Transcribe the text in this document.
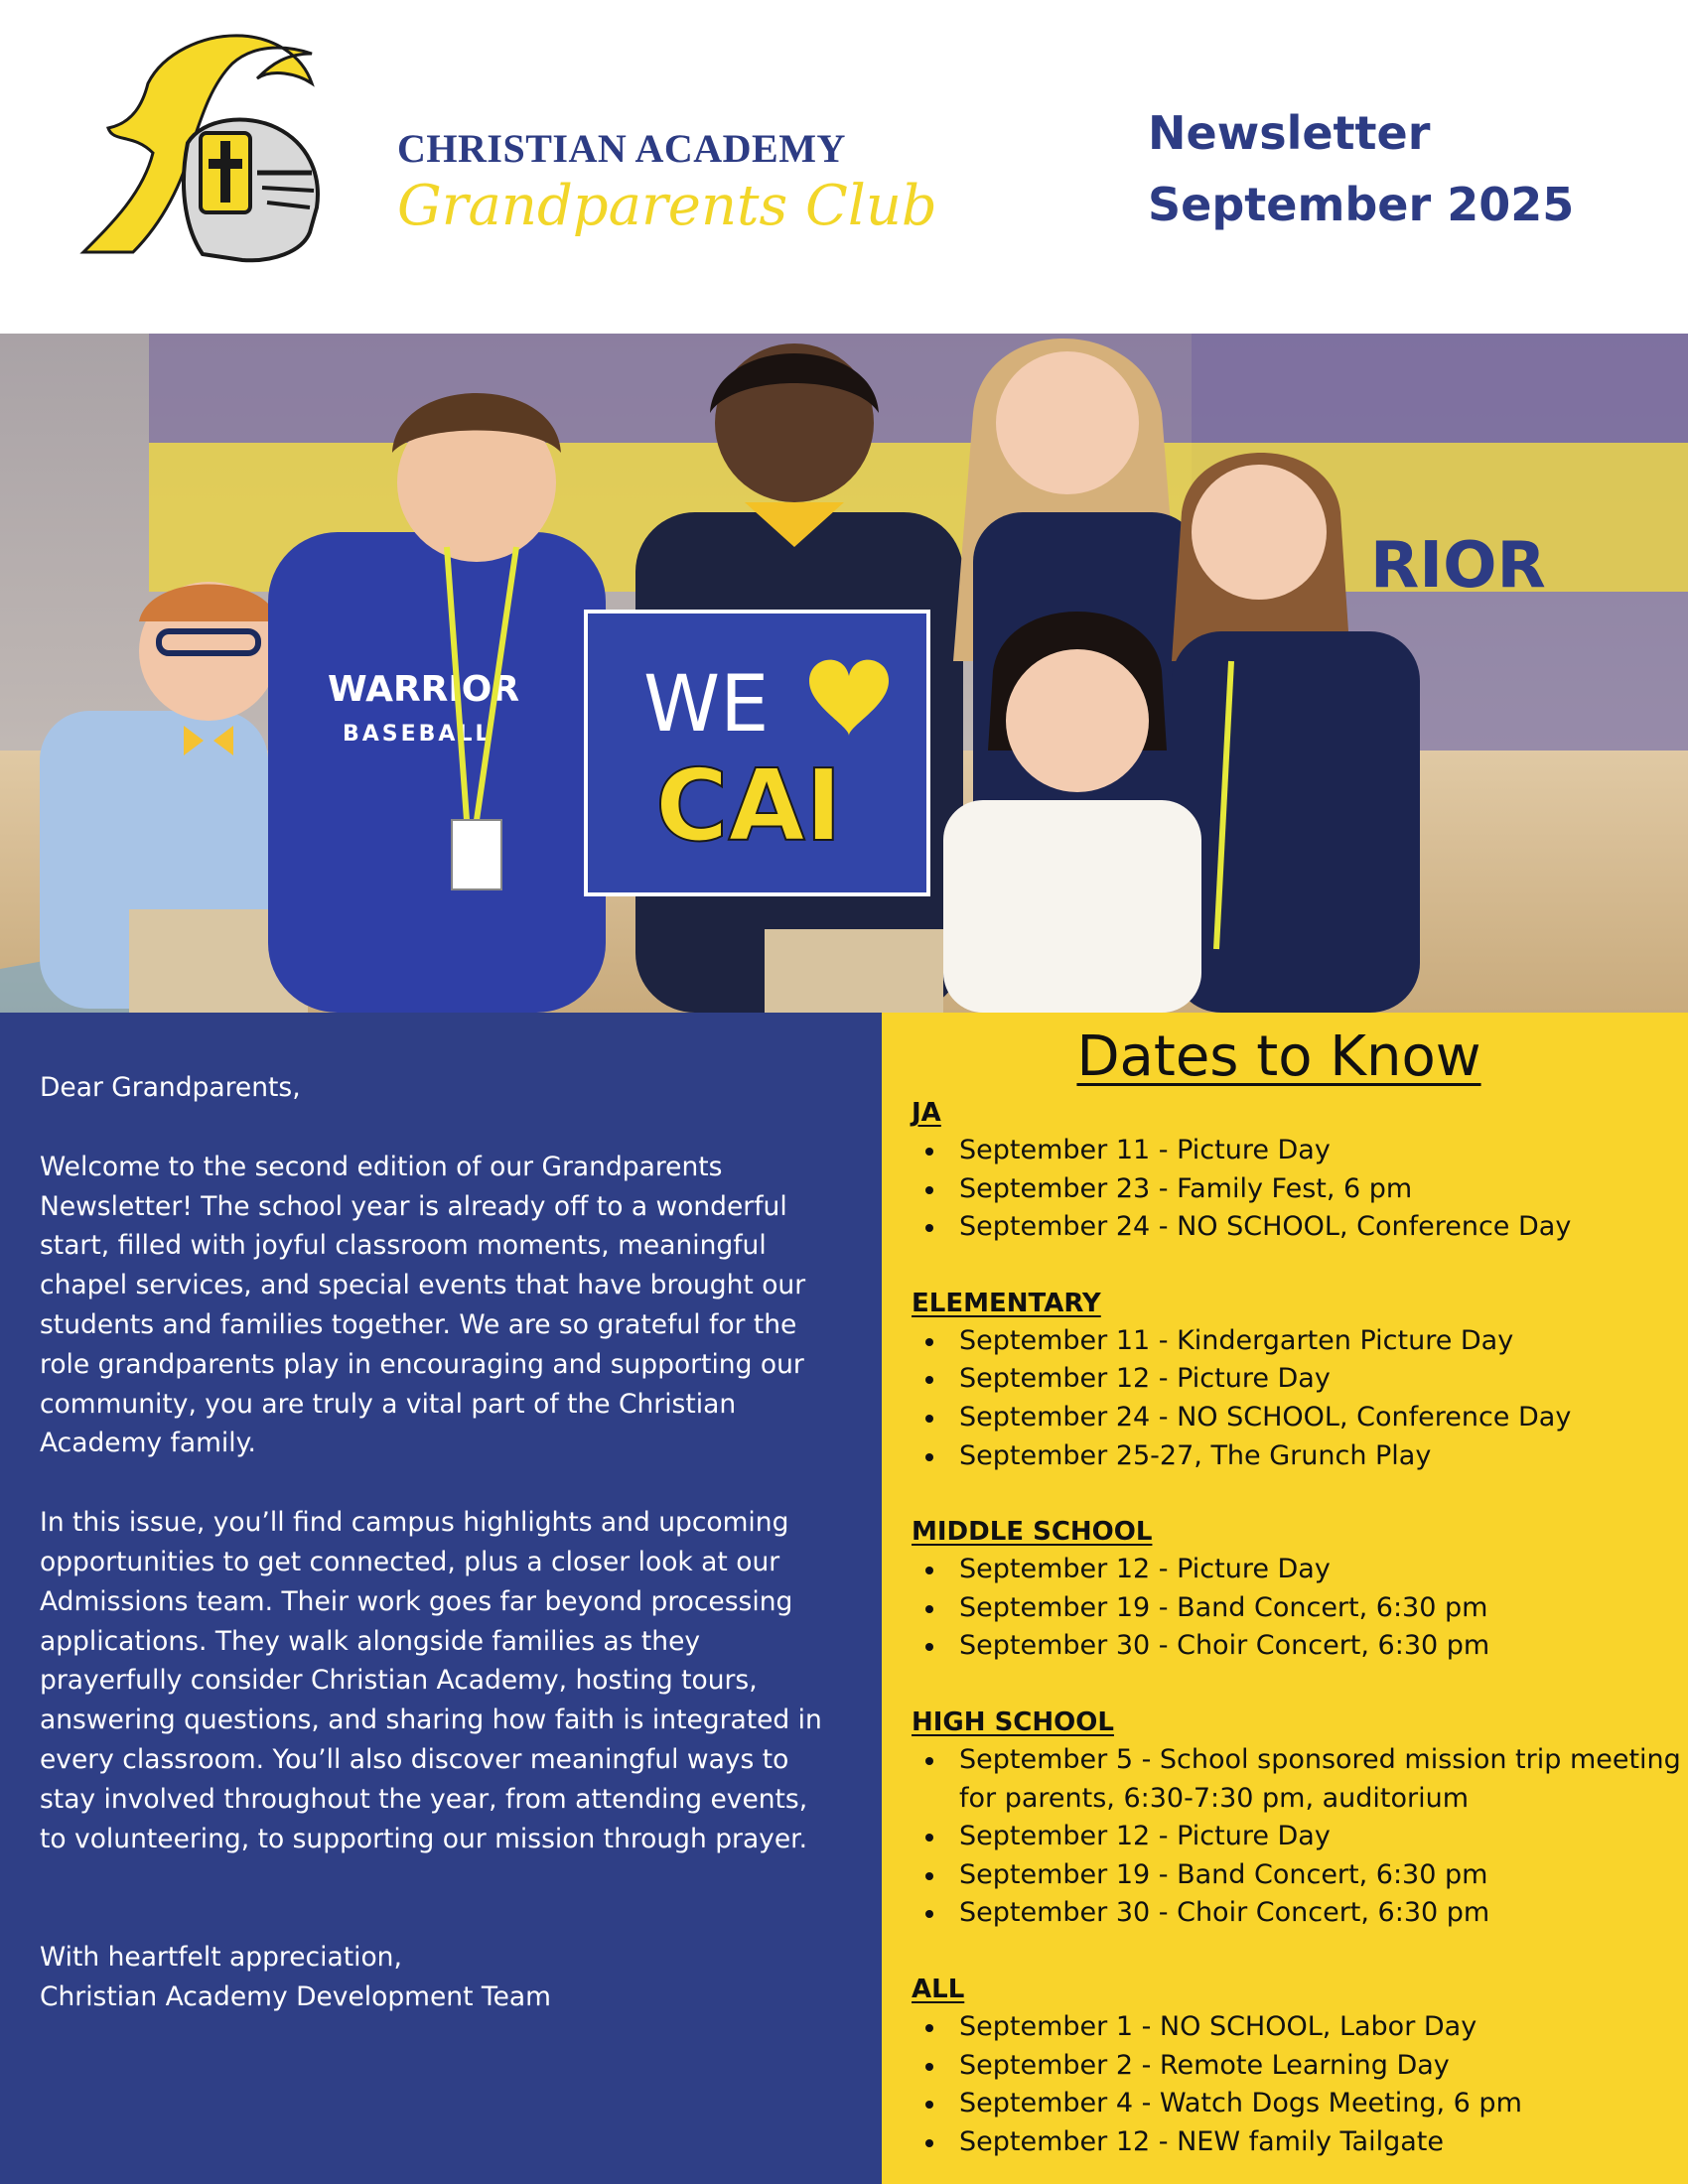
CHRISTIAN ACADEMY
Grandparents Club
Newsletter
September 2025
RIOR
WARRIOR
BASEBALL WE
CAI

Dear Grandparents,

Welcome to the second edition of our Grandparents Newsletter! The school year is already off to a wonderful start, filled with joyful classroom moments, meaningful chapel services, and special events that have brought our students and families together. We are so grateful for the role grandparents play in encouraging and supporting our community, you are truly a vital part of the Christian Academy family.

In this issue, you’ll find campus highlights and upcoming opportunities to get connected, plus a closer look at our Admissions team. Their work goes far beyond processing applications. They walk alongside families as they prayerfully consider Christian Academy, hosting tours, answering questions, and sharing how faith is integrated in every classroom. You’ll also discover meaningful ways to stay involved throughout the year, from attending events, to volunteering, to supporting our mission through prayer.

With heartfelt appreciation,

Christian Academy Development Team

Dates to Know
JA
September 11 - Picture Day
September 23 - Family Fest, 6 pm
September 24 - NO SCHOOL, Conference Day
ELEMENTARY
September 11 - Kindergarten Picture Day
September 12 - Picture Day
September 24 - NO SCHOOL, Conference Day
September 25-27, The Grunch Play
MIDDLE SCHOOL
September 12 - Picture Day
September 19 - Band Concert, 6:30 pm
September 30 - Choir Concert, 6:30 pm
HIGH SCHOOL
September 5 - School sponsored mission trip meeting for parents, 6:30-7:30 pm, auditorium
September 12 - Picture Day
September 19 - Band Concert, 6:30 pm
September 30 - Choir Concert, 6:30 pm
ALL
September 1 - NO SCHOOL, Labor Day
September 2 - Remote Learning Day
September 4 - Watch Dogs Meeting, 6 pm
September 12 - NEW family Tailgate
